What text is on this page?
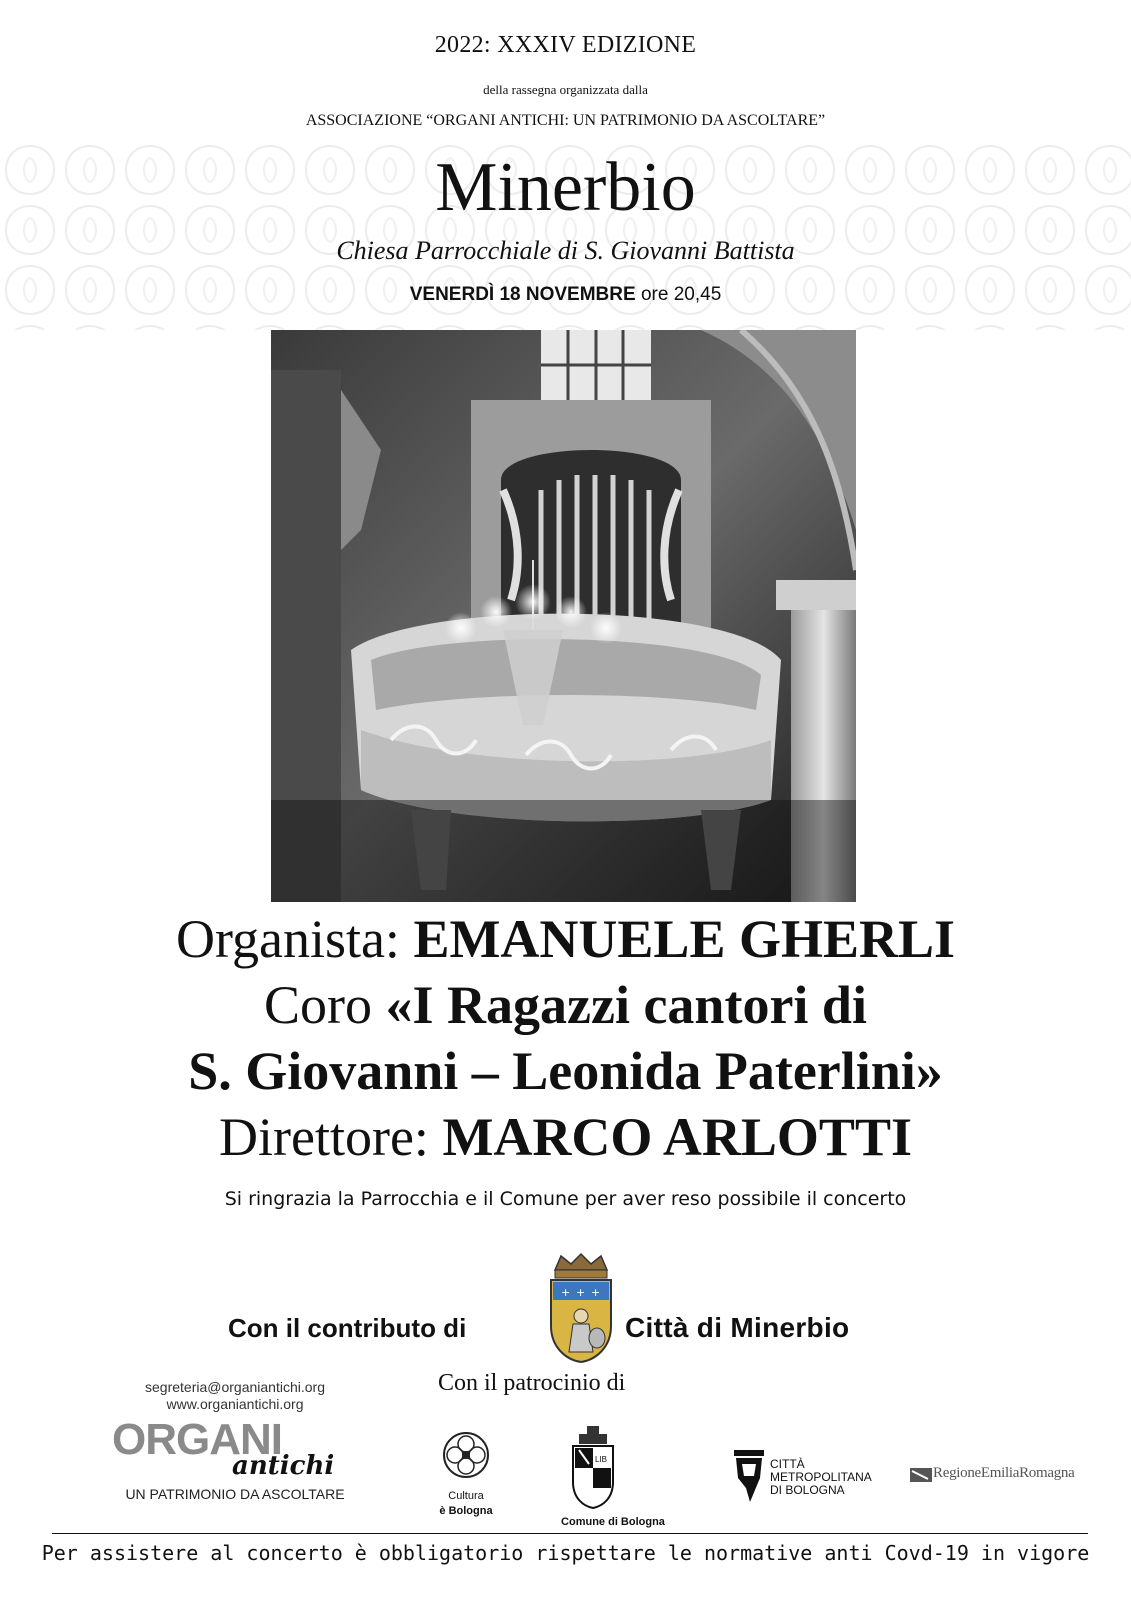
2022: XXXIV EDIZIONE
della rassegna organizzata dalla
ASSOCIAZIONE “ORGANI ANTICHI: UN PATRIMONIO DA ASCOLTARE”
Minerbio
Chiesa Parrocchiale di S. Giovanni Battista
VENERDÌ 18 NOVEMBRE ore 20,45
Organista: EMANUELE GHERLI
Coro «I Ragazzi cantori di
S. Giovanni – Leonida Paterlini»
Direttore: MARCO ARLOTTI
Si ringrazia la Parrocchia e il Comune per aver reso possibile il concerto
Con il contributo di
+ + +
Città di Minerbio
segreteria@organiantichi.org
www.organiantichi.org
ORGANI
antichi
UN PATRIMONIO DA ASCOLTARE
Con il patrocinio di
Cultura
è Bologna
LIB
Comune di Bologna
CITTÀ
METROPOLITANA
DI BOLOGNA
RegioneEmiliaRomagna
Per assistere al concerto è obbligatorio rispettare le normative anti Covd-19 in vigore
